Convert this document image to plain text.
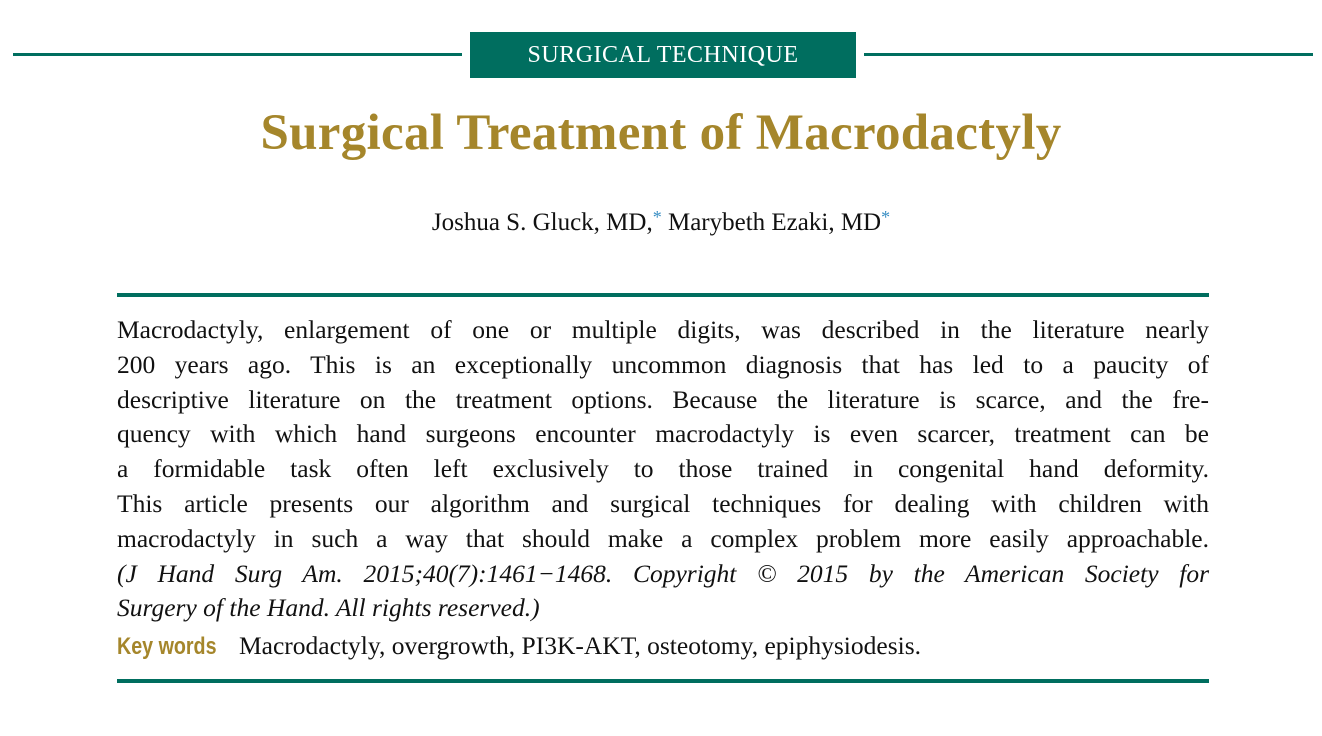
SURGICAL TECHNIQUE
Surgical Treatment of Macrodactyly
Joshua S. Gluck, MD,* Marybeth Ezaki, MD*
Macrodactyly, enlargement of one or multiple digits, was described in the literature nearly
200 years ago. This is an exceptionally uncommon diagnosis that has led to a paucity of
descriptive literature on the treatment options. Because the literature is scarce, and the fre-
quency with which hand surgeons encounter macrodactyly is even scarcer, treatment can be
a formidable task often left exclusively to those trained in congenital hand deformity.
This article presents our algorithm and surgical techniques for dealing with children with
macrodactyly in such a way that should make a complex problem more easily approachable.
(J Hand Surg Am. 2015;40(7):1461−1468. Copyright © 2015 by the American Society for
Surgery of the Hand. All rights reserved.)
Key words Macrodactyly, overgrowth, PI3K-AKT, osteotomy, epiphysiodesis.
